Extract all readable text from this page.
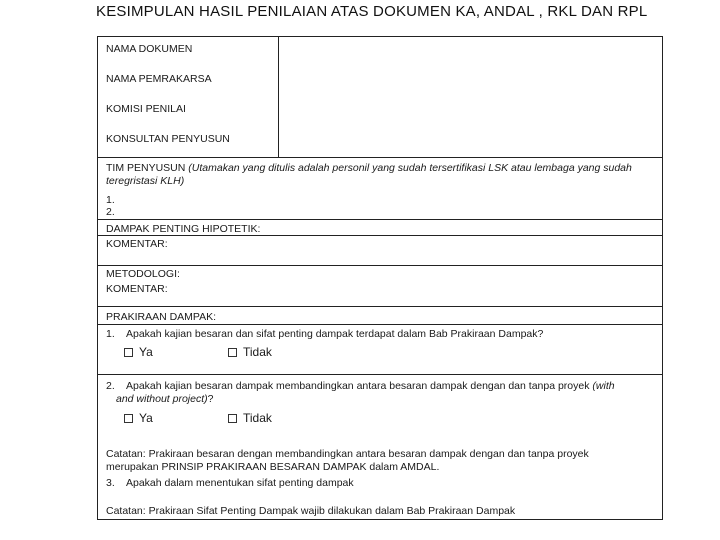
KESIMPULAN HASIL PENILAIAN ATAS DOKUMEN KA, ANDAL , RKL DAN RPL
NAMA DOKUMEN
NAMA PEMRAKARSA
KOMISI PENILAI
KONSULTAN PENYUSUN
TIM PENYUSUN (Utamakan yang ditulis adalah personil yang sudah tersertifikasi LSK atau lembaga yang sudah teregristasi KLH)
1.
2.
DAMPAK PENTING HIPOTETIK:
KOMENTAR:
METODOLOGI:
KOMENTAR:
PRAKIRAAN DAMPAK:
1. Apakah kajian besaran dan sifat penting dampak terdapat dalam Bab Prakiraan Dampak?
Ya	Tidak
2. Apakah kajian besaran dampak membandingkan antara besaran dampak dengan dan tanpa proyek (with
and without project)?
Ya	Tidak
Catatan: Prakiraan besaran dengan membandingkan antara besaran dampak dengan dan tanpa proyek
merupakan PRINSIP PRAKIRAAN BESARAN DAMPAK dalam AMDAL.
3. Apakah dalam menentukan sifat penting dampak
Catatan: Prakiraan Sifat Penting Dampak wajib dilakukan dalam Bab Prakiraan Dampak
